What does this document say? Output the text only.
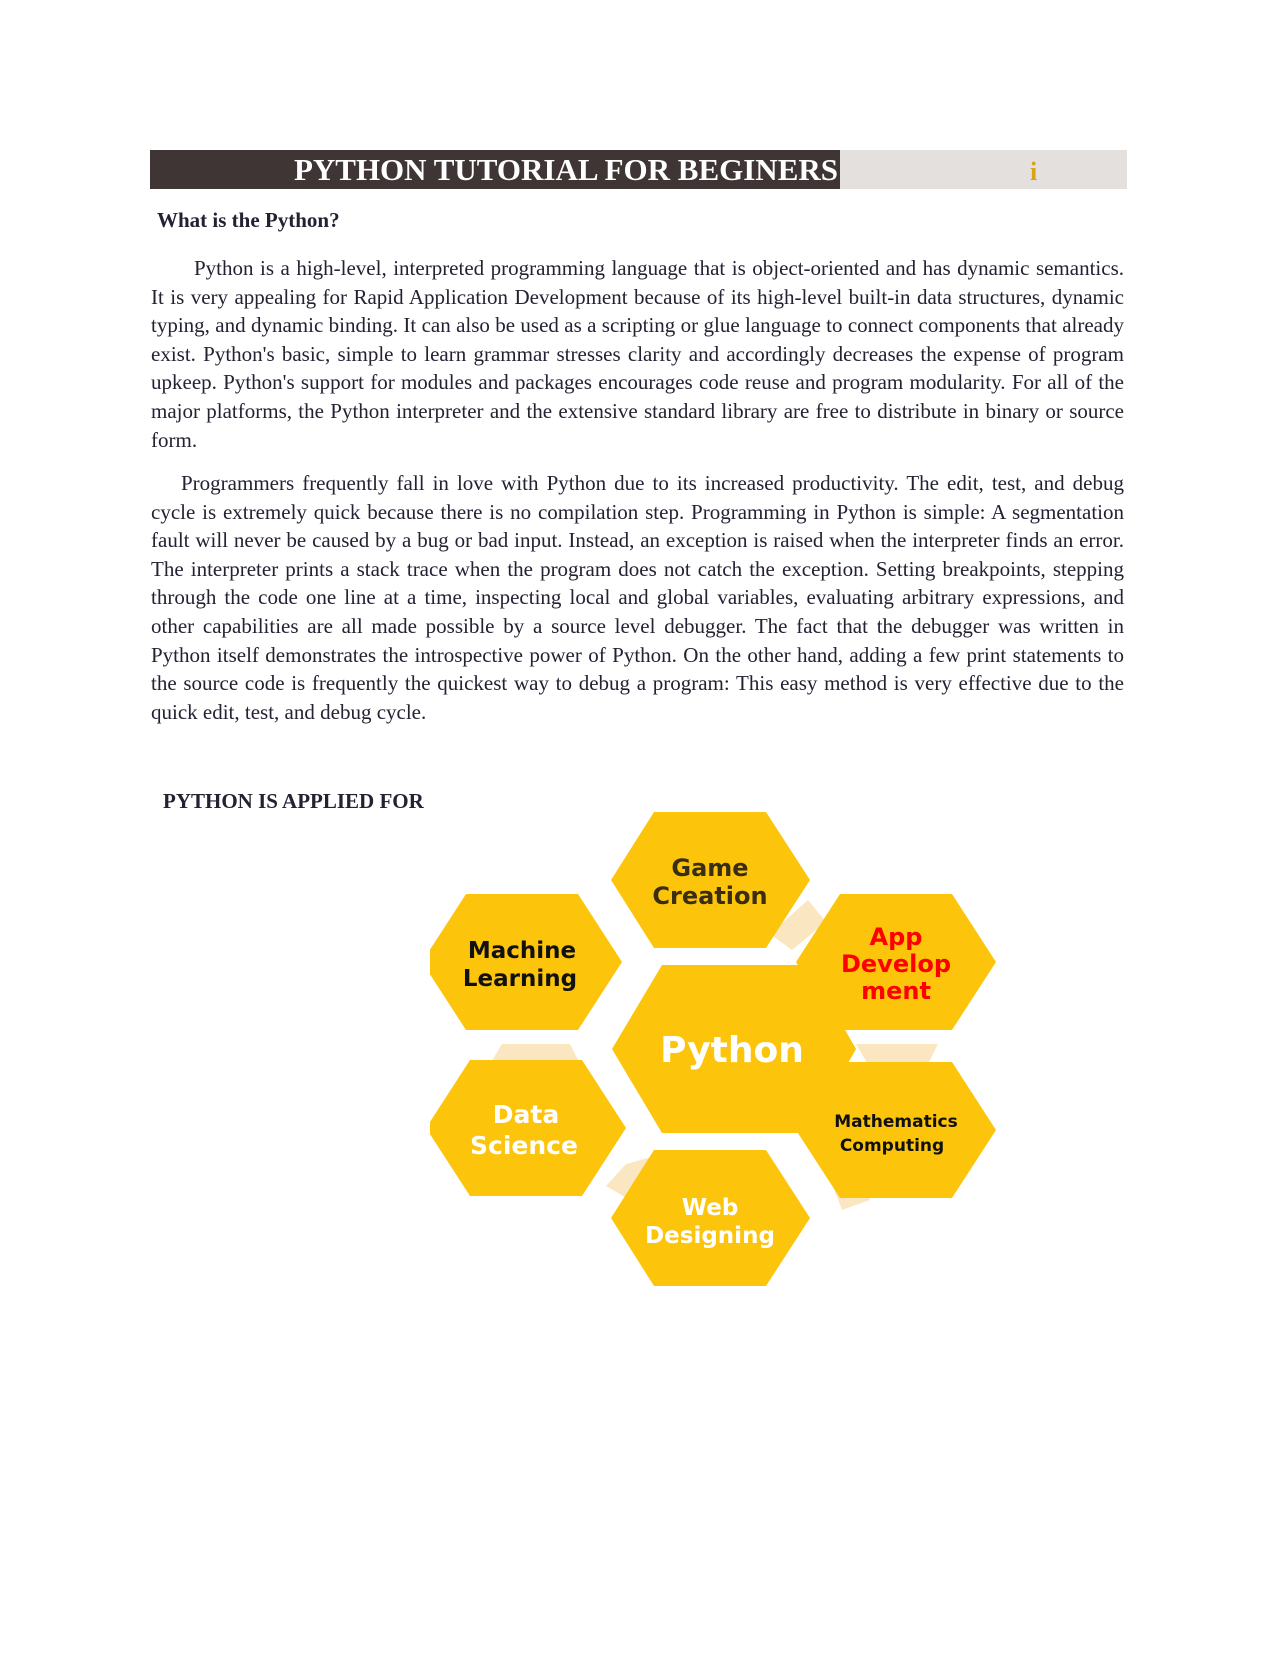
PYTHON TUTORIAL FOR BEGINERS	i
What is the Python?

Python is a high-level, interpreted programming language that is object-oriented and has dynamic semantics. It is very appealing for Rapid Application Development because of its high-level built-in data structures, dynamic typing, and dynamic binding. It can also be used as a scripting or glue language to connect components that already exist. Python's basic, simple to learn grammar stresses clarity and accordingly decreases the expense of program upkeep. Python's support for modules and packages encourages code reuse and program modularity. For all of the major platforms, the Python interpreter and the extensive standard library are free to distribute in binary or source form.

Programmers frequently fall in love with Python due to its increased productivity. The edit, test, and debug cycle is extremely quick because there is no compilation step. Programming in Python is simple: A segmentation fault will never be caused by a bug or bad input. Instead, an exception is raised when the interpreter finds an error. The interpreter prints a stack trace when the program does not catch the exception. Setting breakpoints, stepping through the code one line at a time, inspecting local and global variables, evaluating arbitrary expressions, and other capabilities are all made possible by a source level debugger. The fact that the debugger was written in Python itself demonstrates the introspective power of Python. On the other hand, adding a few print statements to the source code is frequently the quickest way to debug a program: This easy method is very effective due to the quick edit, test, and debug cycle.

PYTHON IS APPLIED FOR
Game
Creation
App
Develop
ment
Machine
Learning
Python
Data
Science
Mathematics
Computing
Web
Designing
